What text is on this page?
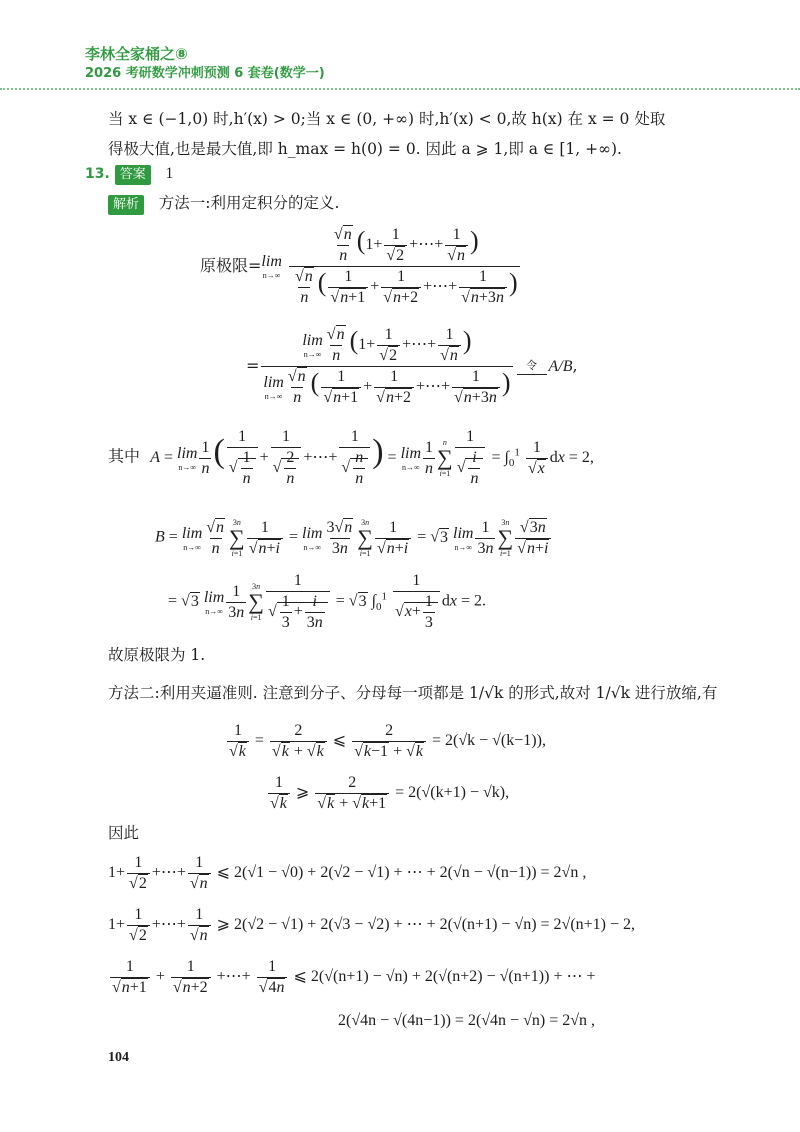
李林全家桶之⑧
2026 考研数学冲刺预测 6 套卷(数学一)
当 x ∈ (−1,0) 时,h′(x) > 0;当 x ∈ (0, +∞) 时,h′(x) < 0,故 h(x) 在 x = 0 处取
得极大值,也是最大值,即 h_max = h(0) = 0. 因此 a ⩾ 1,即 a ∈ [1, +∞).
13. 答案 1
解析 方法一:利用定积分的定义.
原极限= lim
n→∞
$\frac{\frac{√n}{n} (1+ \frac{1}{√2} +\cdots+ \frac{1}{√n} )}{\frac{√n}{n} ( \frac{1}{√n+1} + \frac{1}{√n+2} +\cdots+ \frac{1}{√n+3n} )}$
= lim
$n\to\infty \frac{√n}{n} (1+ \frac{1}{√2}$ +⋯+ $\frac{1}{√n}$ )
lim
$n\to\infty \frac{√n}{n}$ ( $\frac{1}{√n+1} + \frac{1}{√n+2}$ +⋯+ $\frac{1}{√n+3n}$ ) 令 A/B,
其中 A = lim
$n\to\infty \frac{1}{n}$ ( $\frac{1}{√ \frac{1}{n}} + \frac{1}{√ \frac{2}{n}}$ +⋯+ $\frac{1}{√ \frac{n}{n}}$ ) = lim
$n\to\infty \frac{1}{n}$ n
∑
$i=1 \frac{1}{√ \frac{i}{n}} = \int_0^1 \frac{1}{√x}$ dx = 2,
B = lim
$n\to\infty \frac{√n}{n} 3n$
∑
$i=1 \frac{1}{√n+i} = \lim$
$n\to\infty \frac{3√n}{3n} 3n$
∑
$i=1 \frac{1}{√n+i} = √3$ lim
$n\to\infty \frac{1}{3n} 3n$
∑
$i=1 \frac{√3n}{√n+i}$
= √3 lim
$n\to\infty \frac{1}{3n} 3n$
∑
$i=1 \frac{1}{√ \frac{1}{3} + \frac{i}{3n}} = √3$ $\int_0^1 \frac{1}{√x+ \frac{1}{3}}$ dx = 2.
故原极限为 1.
方法二:利用夹逼准则. 注意到分子、分母每一项都是 1/√k 的形式,故对 1/√k 进行放缩,有
$\frac{1}{√k} = \frac{2}{√k + √k}$ ⩽ $\frac{2}{√k-1 + √k} = 2(√k - √(k-1))$,
$\frac{1}{√k}$ ⩾ $\frac{2}{√k + √k+1} = 2(√(k+1) - √k)$,
因此
$1+ \frac{1}{√2}$ +⋯+ $\frac{1}{√n}$ ⩽ 2(√1 − √0) + 2(√2 − √1) + ⋯ + 2(√n − √(n−1)) = 2√n ,
$1+ \frac{1}{√2}$ +⋯+ $\frac{1}{√n}$ ⩾ 2(√2 − √1) + 2(√3 − √2) + ⋯ + 2(√(n+1) − √n) = 2√(n+1) − 2,
$\frac{1}{√n+1} + \frac{1}{√n+2}$ +⋯+ $\frac{1}{√4n}$ ⩽ 2(√(n+1) − √n) + 2(√(n+2) − √(n+1)) + ⋯ +
2(√4n − √(4n−1)) = 2(√4n − √n) = 2√n ,
104
